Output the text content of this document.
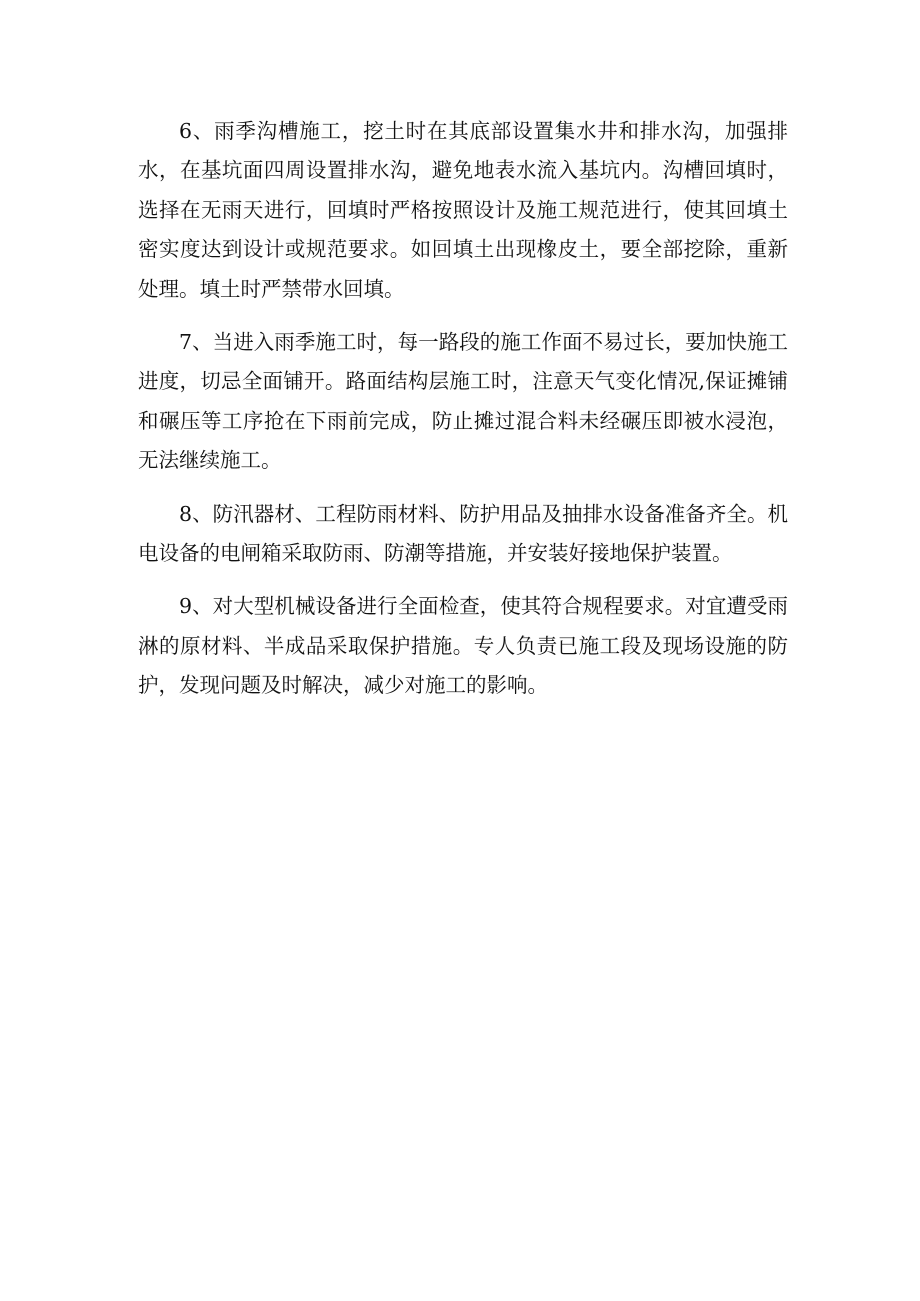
6、雨季沟槽施工，挖土时在其底部设置集水井和排水沟，加强排水，在基坑面四周设置排水沟，避免地表水流入基坑内。沟槽回填时，选择在无雨天进行，回填时严格按照设计及施工规范进行，使其回填土密实度达到设计或规范要求。如回填土出现橡皮土，要全部挖除，重新处理。填土时严禁带水回填。

7、当进入雨季施工时，每一路段的施工作面不易过长，要加快施工进度，切忌全面铺开。路面结构层施工时，注意天气变化情况,保证摊铺和碾压等工序抢在下雨前完成，防止摊过混合料未经碾压即被水浸泡，无法继续施工。

8、防汛器材、工程防雨材料、防护用品及抽排水设备准备齐全。机电设备的电闸箱采取防雨、防潮等措施，并安装好接地保护装置。

9、对大型机械设备进行全面检查，使其符合规程要求。对宜遭受雨淋的原材料、半成品采取保护措施。专人负责已施工段及现场设施的防护，发现问题及时解决，减少对施工的影响。
